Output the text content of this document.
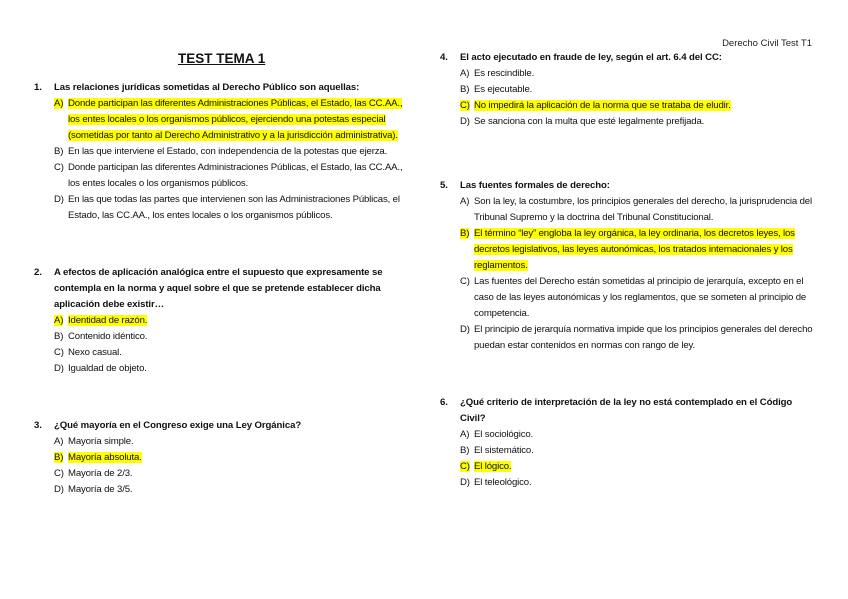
Derecho Civil Test T1
TEST TEMA 1
1.	Las relaciones jurídicas sometidas al Derecho Público son aquellas:
A) Donde participan las diferentes Administraciones Públicas, el Estado, las CC.AA., los entes locales o los organismos públicos, ejerciendo una potestas especial (sometidas por tanto al Derecho Administrativo y a la jurisdicción administrativa).
B) En las que interviene el Estado, con independencia de la potestas que ejerza.
C) Donde participan las diferentes Administraciones Públicas, el Estado, las CC.AA., los entes locales o los organismos públicos.
D) En las que todas las partes que intervienen son las Administraciones Públicas, el Estado, las CC.AA., los entes locales o los organismos públicos.
2.	A efectos de aplicación analógica entre el supuesto que expresamente se contempla en la norma y aquel sobre el que se pretende establecer dicha aplicación debe existir…
A) Identidad de razón.
B) Contenido idéntico.
C) Nexo casual.
D) Igualdad de objeto.
3.	¿Qué mayoría en el Congreso exige una Ley Orgánica?
A) Mayoría simple.
B) Mayoría absoluta.
C) Mayoría de 2/3.
D) Mayoría de 3/5.
4.	El acto ejecutado en fraude de ley, según el art. 6.4 del CC:
A) Es rescindible.
B) Es ejecutable.
C) No impedirá la aplicación de la norma que se trataba de eludir.
D) Se sanciona con la multa que esté legalmente prefijada.
5.	Las fuentes formales de derecho:
A) Son la ley, la costumbre, los principios generales del derecho, la jurisprudencia del Tribunal Supremo y la doctrina del Tribunal Constitucional.
B) El término “ley” engloba la ley orgánica, la ley ordinaria, los decretos leyes, los decretos legislativos, las leyes autonómicas, los tratados internacionales y los reglamentos.
C) Las fuentes del Derecho están sometidas al principio de jerarquía, excepto en el caso de las leyes autonómicas y los reglamentos, que se someten al principio de competencia.
D) El principio de jerarquía normativa impide que los principios generales del derecho puedan estar contenidos en normas con rango de ley.
6.	¿Qué criterio de interpretación de la ley no está contemplado en el Código Civil?
A) El sociológico.
B) El sistemático.
C) El lógico.
D) El teleológico.
